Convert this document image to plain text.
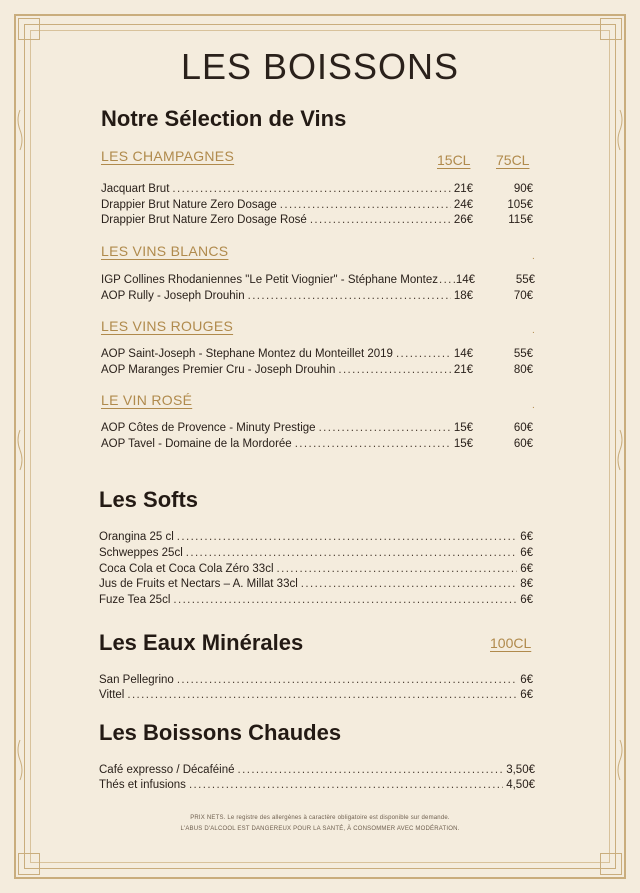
LES BOISSONS
Notre Sélection de Vins
LES CHAMPAGNES	15CL 75CL
Jacquart Brut .....	21€	90€
Drappier Brut Nature Zero Dosage .....	24€	105€
Drappier Brut Nature Zero Dosage Rosé .....	26€	115€
LES VINS BLANCS	.
IGP Collines Rhodaniennes "Le Petit Viognier" - Stéphane Montez ..... 14€	55€
AOP Rully - Joseph Drouhin .....	18€	70€
LES VINS ROUGES	.
AOP Saint-Joseph - Stephane Montez du Monteillet 2019 .....	14€	55€
AOP Maranges Premier Cru - Joseph Drouhin .....	21€	80€
LE VIN ROSÉ	.
AOP Côtes de Provence - Minuty Prestige .....	15€	60€
AOP Tavel - Domaine de la Mordorée .....	15€	60€
Les Softs
Orangina 25 cl .....	6€
Schweppes 25cl .....	6€
Coca Cola et Coca Cola Zéro 33cl .....	6€
Jus de Fruits et Nectars – A. Millat 33cl .....	8€
Fuze Tea 25cl .....	6€
Les Eaux Minérales	100CL
San Pellegrino .....	6€
Vittel .....	6€
Les Boissons Chaudes
Café expresso / Décaféiné .....	3,50€
Thés et infusions .....	4,50€
PRIX NETS. Le registre des allergènes à caractère obligatoire est disponible sur demande.
L'ABUS D'ALCOOL EST DANGEREUX POUR LA SANTÉ, À CONSOMMER AVEC MODÉRATION.
